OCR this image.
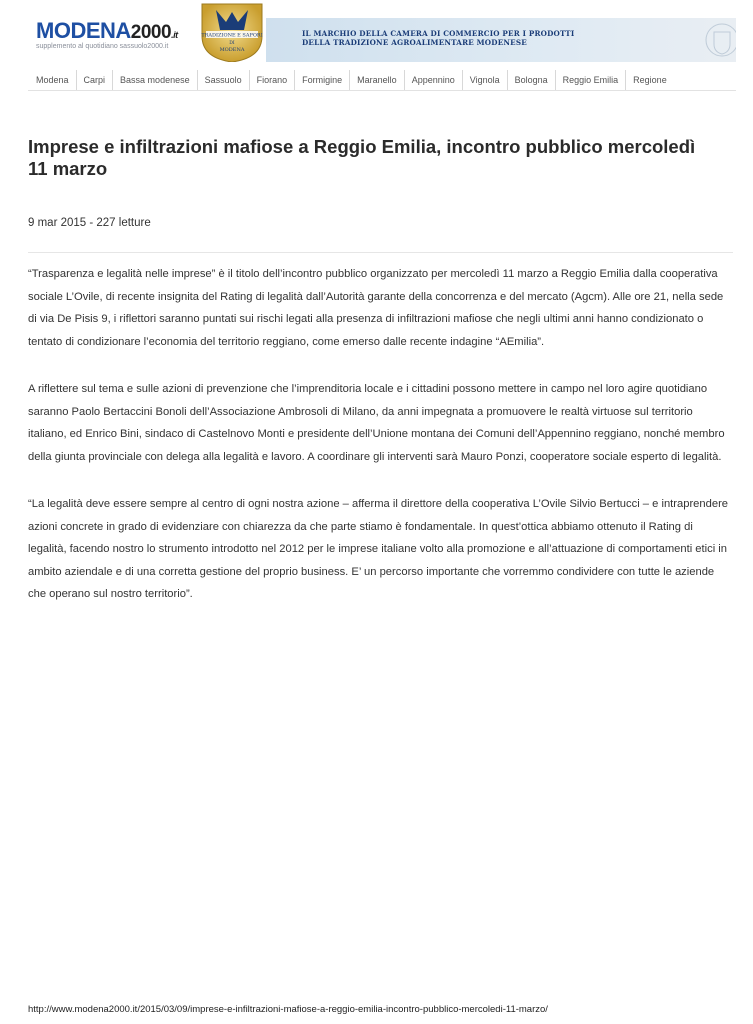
MODENA2000.it
supplemento al quotidiano sassuolo2000.it
TRADIZIONE E SAPORI
DI
MODENA
IL MARCHIO DELLA CAMERA DI COMMERCIO PER I PRODOTTI
DELLA TRADIZIONE AGROALIMENTARE MODENESE
Modena	Carpi	Bassa modenese	Sassuolo	Fiorano	Formigine	Maranello	Appennino	Vignola	Bologna	Reggio Emilia	Regione
Imprese e infiltrazioni mafiose a Reggio Emilia, incontro pubblico mercoledì 11 marzo
9 mar 2015 - 227 letture

“Trasparenza e legalità nelle imprese” è il titolo dell’incontro pubblico organizzato per mercoledì 11 marzo a Reggio Emilia dalla cooperativa sociale L’Ovile, di recente insignita del Rating di legalità dall’Autorità garante della concorrenza e del mercato (Agcm). Alle ore 21, nella sede di via De Pisis 9, i riflettori saranno puntati sui rischi legati alla presenza di infiltrazioni mafiose che negli ultimi anni hanno condizionato o tentato di condizionare l’economia del territorio reggiano, come emerso dalle recente indagine “AEmilia”.

A riflettere sul tema e sulle azioni di prevenzione che l’imprenditoria locale e i cittadini possono mettere in campo nel loro agire quotidiano saranno Paolo Bertaccini Bonoli dell’Associazione Ambrosoli di Milano, da anni impegnata a promuovere le realtà virtuose sul territorio italiano, ed Enrico Bini, sindaco di Castelnovo Monti e presidente dell’Unione montana dei Comuni dell’Appennino reggiano, nonché membro della giunta provinciale con delega alla legalità e lavoro. A coordinare gli interventi sarà Mauro Ponzi, cooperatore sociale esperto di legalità.

“La legalità deve essere sempre al centro di ogni nostra azione – afferma il direttore della cooperativa L’Ovile Silvio Bertucci – e intraprendere azioni concrete in grado di evidenziare con chiarezza da che parte stiamo è fondamentale. In quest’ottica abbiamo ottenuto il Rating di legalità, facendo nostro lo strumento introdotto nel 2012 per le imprese italiane volto alla promozione e all’attuazione di comportamenti etici in ambito aziendale e di una corretta gestione del proprio business. E’ un percorso importante che vorremmo condividere con tutte le aziende che operano sul nostro territorio”.

http://www.modena2000.it/2015/03/09/imprese-e-infiltrazioni-mafiose-a-reggio-emilia-incontro-pubblico-mercoledi-11-marzo/
